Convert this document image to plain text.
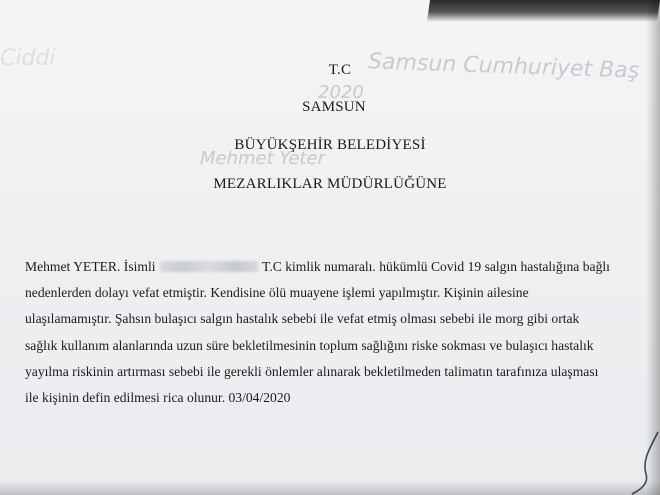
Ciddi	Samsun Cumhuriyet Baş
2020
Mehmet Yeter
T.C
SAMSUN
BÜYÜKŞEHİR BELEDİYESİ
MEZARLIKLAR MÜDÜRLÜĞÜNE
Mehmet YETER. İsimli	T.C kimlik numaralı. hükümlü Covid 19 salgın hastalığına bağlı
nedenlerden dolayı vefat etmiştir. Kendisine ölü muayene işlemi yapılmıştır. Kişinin ailesine
ulaşılamamıştır. Şahsın bulaşıcı salgın hastalık sebebi ile vefat etmiş olması sebebi ile morg gibi ortak
sağlık kullanım alanlarında uzun süre bekletilmesinin toplum sağlığını riske sokması ve bulaşıcı hastalık
yayılma riskinin artırması sebebi ile gerekli önlemler alınarak bekletilmeden talimatın tarafınıza ulaşması
ile kişinin defin edilmesi rica olunur. 03/04/2020
